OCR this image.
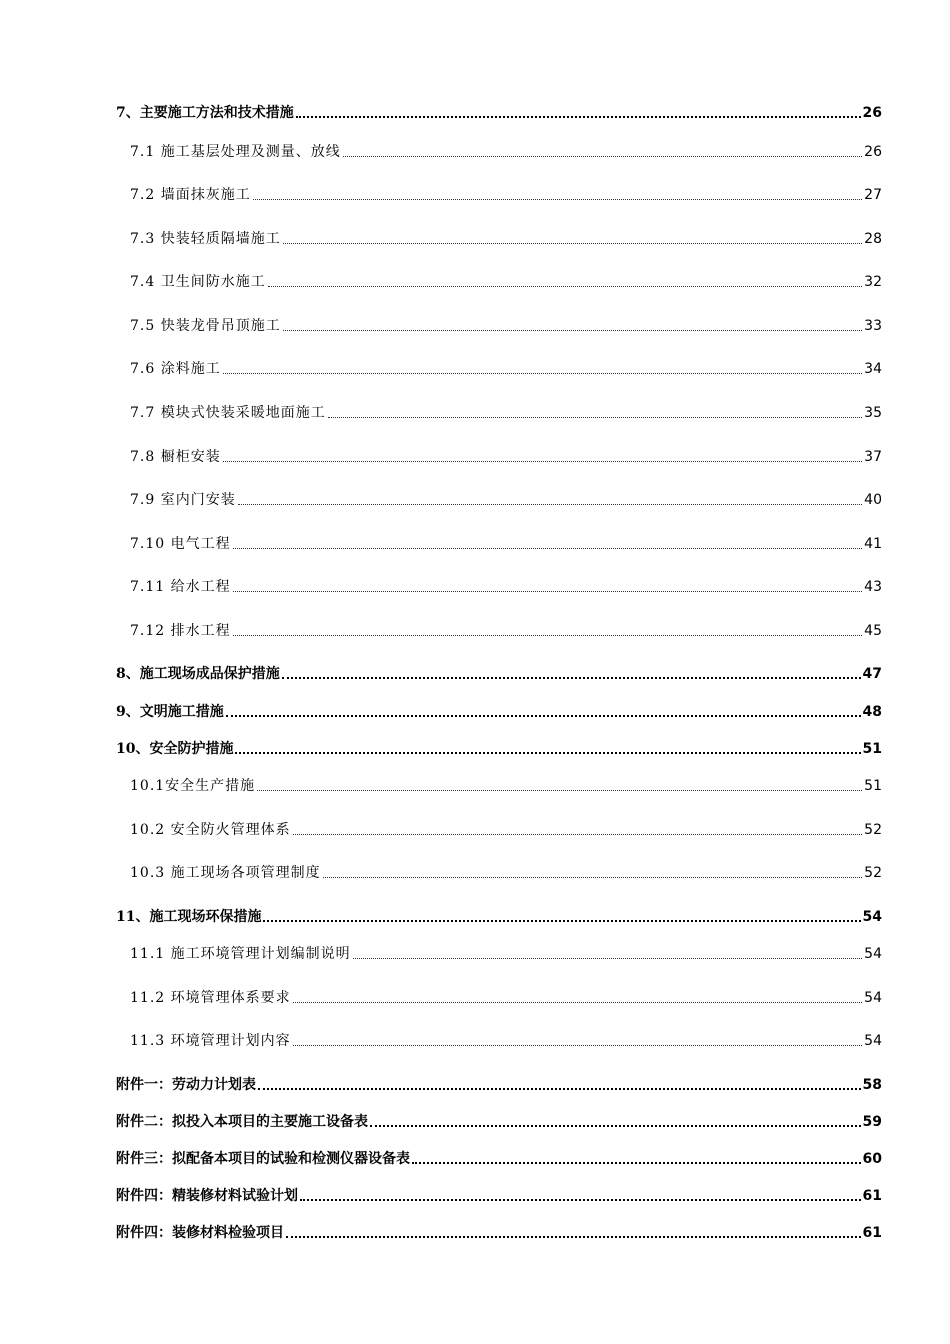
7、主要施工方法和技术措施	26
7.1 施工基层处理及测量、放线	26
7.2 墙面抹灰施工	27
7.3 快装轻质隔墙施工	28
7.4 卫生间防水施工	32
7.5 快装龙骨吊顶施工	33
7.6 涂料施工	34
7.7 模块式快装采暖地面施工	35
7.8 橱柜安装	37
7.9 室内门安装	40
7.10 电气工程	41
7.11 给水工程	43
7.12 排水工程	45
8、施工现场成品保护措施	47
9、文明施工措施	48
10、安全防护措施	51
10.1安全生产措施	51
10.2 安全防火管理体系	52
10.3 施工现场各项管理制度	52
11、施工现场环保措施	54
11.1 施工环境管理计划编制说明	54
11.2 环境管理体系要求	54
11.3 环境管理计划内容	54
附件一：劳动力计划表	58
附件二：拟投入本项目的主要施工设备表	59
附件三：拟配备本项目的试验和检测仪器设备表	60
附件四：精装修材料试验计划	61
附件四：装修材料检验项目	61
